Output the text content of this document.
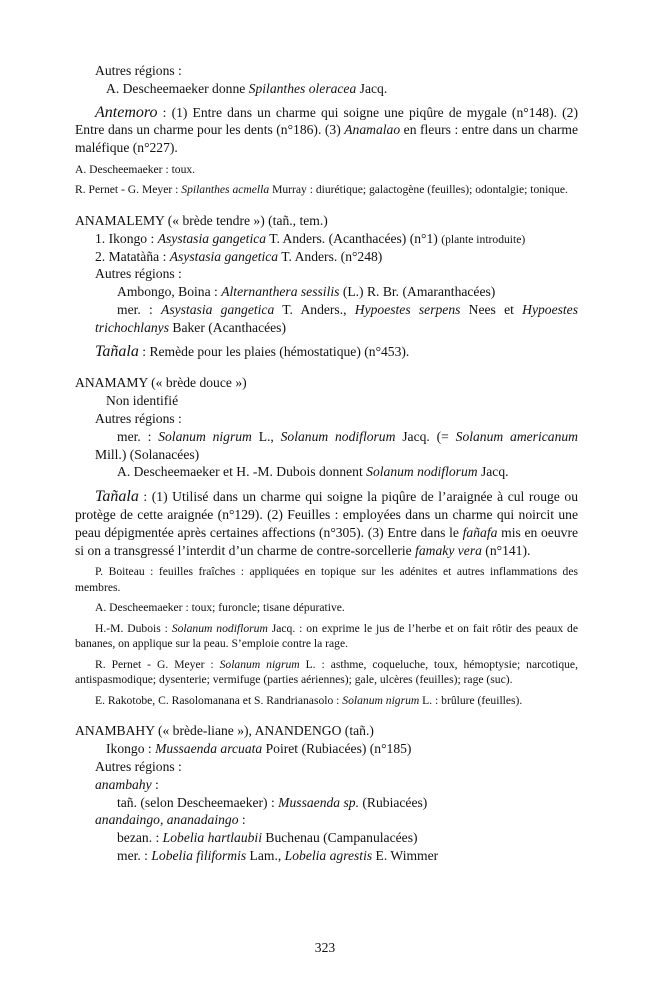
Autres régions :

A. Descheemaeker donne Spilanthes oleracea Jacq.

Antemoro : (1) Entre dans un charme qui soigne une piqûre de mygale (n°148). (2) Entre dans un charme pour les dents (n°186). (3) Anamalao en fleurs : entre dans un charme maléfique (n°227).

A. Descheemaeker : toux.

R. Pernet - G. Meyer : Spilanthes acmella Murray : diurétique; galactogène (feuilles); odontalgie; tonique.

ANAMALEMY (« brède tendre ») (tañ., tem.)

1. Ikongo : Asystasia gangetica T. Anders. (Acanthacées) (n°1) (plante introduite)

2. Matatàña : Asystasia gangetica T. Anders. (n°248)

Autres régions :

Ambongo, Boina : Alternanthera sessilis (L.) R. Br. (Amaranthacées)

mer. : Asystasia gangetica T. Anders., Hypoestes serpens Nees et Hypoestes trichochlanys Baker (Acanthacées)

Tañala : Remède pour les plaies (hémostatique) (n°453).

ANAMAMY (« brède douce »)

Non identifié

Autres régions :

mer. : Solanum nigrum L., Solanum nodiflorum Jacq. (= Solanum americanum Mill.) (Solanacées)

A. Descheemaeker et H. -M. Dubois donnent Solanum nodiflorum Jacq.

Tañala : (1) Utilisé dans un charme qui soigne la piqûre de l’araignée à cul rouge ou protège de cette araignée (n°129). (2) Feuilles : employées dans un charme qui noircit une peau dépigmentée après certaines affections (n°305). (3) Entre dans le fañafa mis en oeuvre si on a transgressé l’interdit d’un charme de contre-sorcellerie famaky vera (n°141).

P. Boiteau : feuilles fraîches : appliquées en topique sur les adénites et autres inflammations des membres.

A. Descheemaeker : toux; furoncle; tisane dépurative.

H.-M. Dubois : Solanum nodiflorum Jacq. : on exprime le jus de l’herbe et on fait rôtir des peaux de bananes, on applique sur la peau. S’emploie contre la rage.

R. Pernet - G. Meyer : Solanum nigrum L. : asthme, coqueluche, toux, hémoptysie; narcotique, antispasmodique; dysenterie; vermifuge (parties aériennes); gale, ulcères (feuilles); rage (suc).

E. Rakotobe, C. Rasolomanana et S. Randrianasolo : Solanum nigrum L. : brûlure (feuilles).

ANAMBAHY (« brède-liane »), ANANDENGO (tañ.)

Ikongo : Mussaenda arcuata Poiret (Rubiacées) (n°185)

Autres régions :

anambahy :

tañ. (selon Descheemaeker) : Mussaenda sp. (Rubiacées)

anandaingo, ananadaingo :

bezan. : Lobelia hartlaubii Buchenau (Campanulacées)

mer. : Lobelia filiformis Lam., Lobelia agrestis E. Wimmer

323
